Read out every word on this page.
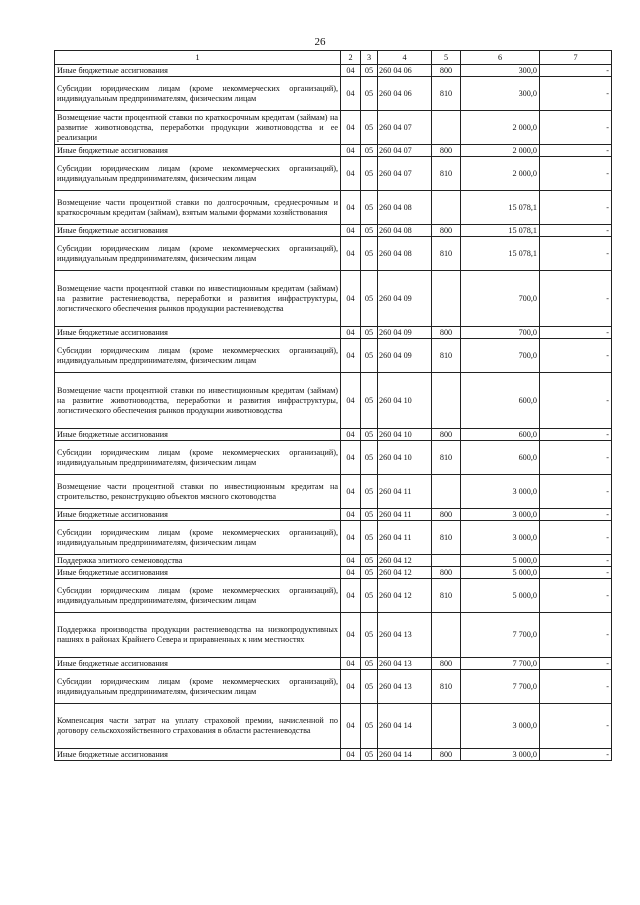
26
1	2	3	4	5	6	7
Иные бюджетные ассигнования	04	05	260 04 06	800	300,0	-
Субсидии юридическим лицам (кроме некоммерческих организаций), индивидуальным предпринимателям, физическим лицам	04	05	260 04 06	810	300,0	-
Возмещение части процентной ставки по краткосрочным кредитам (займам) на развитие животноводства, переработки продукции животноводства и ее реализации	04	05	260 04 07		2 000,0	-
Иные бюджетные ассигнования	04	05	260 04 07	800	2 000,0	-
Субсидии юридическим лицам (кроме некоммерческих организаций), индивидуальным предпринимателям, физическим лицам	04	05	260 04 07	810	2 000,0	-
Возмещение части процентной ставки по долгосрочным, среднесрочным и краткосрочным кредитам (займам), взятым малыми формами хозяйствования	04	05	260 04 08		15 078,1	-
Иные бюджетные ассигнования	04	05	260 04 08	800	15 078,1	-
Субсидии юридическим лицам (кроме некоммерческих организаций), индивидуальным предпринимателям, физическим лицам	04	05	260 04 08	810	15 078,1	-
Возмещение части процентной ставки по инвестиционным кредитам (займам) на развитие растениеводства, переработки и развития инфраструктуры, логистического обеспечения рынков продукции растениеводства	04	05	260 04 09		700,0	-
Иные бюджетные ассигнования	04	05	260 04 09	800	700,0	-
Субсидии юридическим лицам (кроме некоммерческих организаций), индивидуальным предпринимателям, физическим лицам	04	05	260 04 09	810	700,0	-
Возмещение части процентной ставки по инвестиционным кредитам (займам) на развитие животноводства, переработки и развития инфраструктуры, логистического обеспечения рынков продукции животноводства	04	05	260 04 10		600,0	-
Иные бюджетные ассигнования	04	05	260 04 10	800	600,0	-
Субсидии юридическим лицам (кроме некоммерческих организаций), индивидуальным предпринимателям, физическим лицам	04	05	260 04 10	810	600,0	-
Возмещение части процентной ставки по инвестиционным кредитам на строительство, реконструкцию объектов мясного скотоводства	04	05	260 04 11		3 000,0	-
Иные бюджетные ассигнования	04	05	260 04 11	800	3 000,0	-
Субсидии юридическим лицам (кроме некоммерческих организаций), индивидуальным предпринимателям, физическим лицам	04	05	260 04 11	810	3 000,0	-
Поддержка элитного семеноводства	04	05	260 04 12		5 000,0	-
Иные бюджетные ассигнования	04	05	260 04 12	800	5 000,0	-
Субсидии юридическим лицам (кроме некоммерческих организаций), индивидуальным предпринимателям, физическим лицам	04	05	260 04 12	810	5 000,0	-
Поддержка производства продукции растениеводства на низкопродуктивных пашнях в районах Крайнего Севера и приравненных к ним местностях	04	05	260 04 13		7 700,0	-
Иные бюджетные ассигнования	04	05	260 04 13	800	7 700,0	-
Субсидии юридическим лицам (кроме некоммерческих организаций), индивидуальным предпринимателям, физическим лицам	04	05	260 04 13	810	7 700,0	-
Компенсация части затрат на уплату страховой премии, начисленной по договору сельскохозяйственного страхования в области растениеводства	04	05	260 04 14		3 000,0	-
Иные бюджетные ассигнования	04	05	260 04 14	800	3 000,0	-
